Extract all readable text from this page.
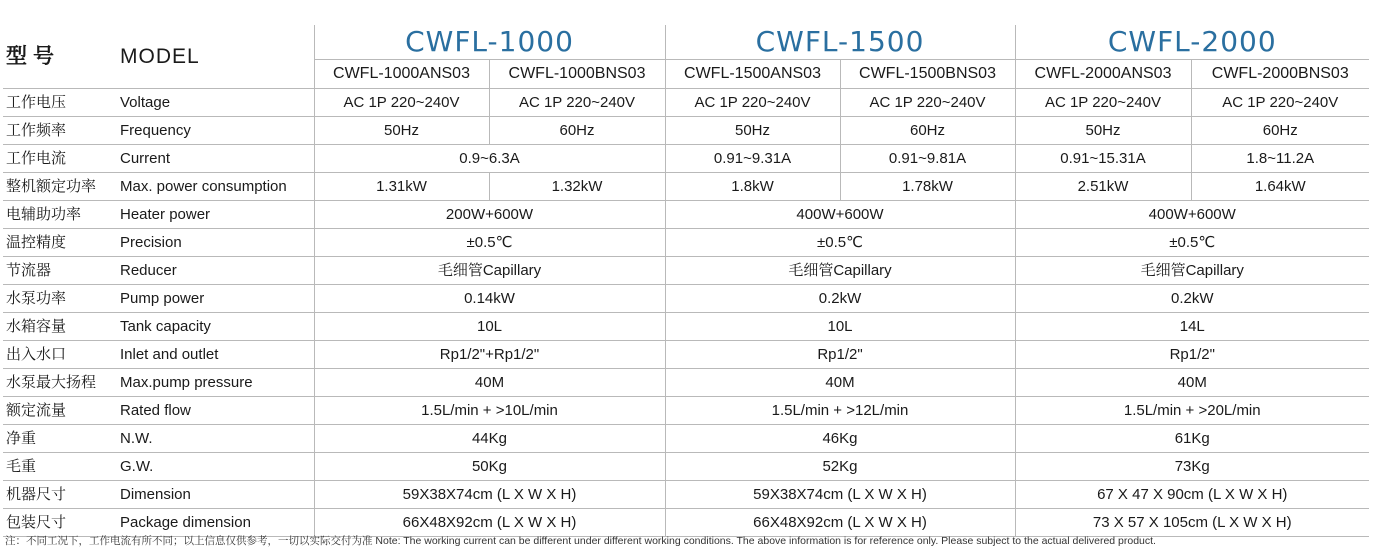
型号	MODEL	CWFL-1000		CWFL-1500		CWFL-2000	
		CWFL-1000ANS03	CWFL-1000BNS03	CWFL-1500ANS03	CWFL-1500BNS03	CWFL-2000ANS03	CWFL-2000BNS03
工作电压	Voltage	AC 1P 220~240V	AC 1P 220~240V	AC 1P 220~240V	AC 1P 220~240V	AC 1P 220~240V	AC 1P 220~240V
工作频率	Frequency	50Hz	60Hz	50Hz	60Hz	50Hz	60Hz
工作电流	Current	0.9~6.3A		0.91~9.31A	0.91~9.81A	0.91~15.31A	1.8~11.2A
整机额定功率	Max. power consumption	1.31kW	1.32kW	1.8kW	1.78kW	2.51kW	1.64kW
电辅助功率	Heater power	200W+600W		400W+600W		400W+600W	
温控精度	Precision	±0.5℃		±0.5℃		±0.5℃	
节流器	Reducer	毛细管Capillary		毛细管Capillary		毛细管Capillary	
水泵功率	Pump power	0.14kW		0.2kW		0.2kW	
水箱容量	Tank capacity	10L		10L		14L	
出入水口	Inlet and outlet	Rp1/2"+Rp1/2"		Rp1/2"		Rp1/2"	
水泵最大扬程	Max.pump pressure	40M		40M		40M	
额定流量	Rated flow	1.5L/min + >10L/min		1.5L/min + >12L/min		1.5L/min + >20L/min	
净重	N.W.	44Kg		46Kg		61Kg	
毛重	G.W.	50Kg		52Kg		73Kg	
机器尺寸	Dimension	59X38X74cm (L X W X H)		59X38X74cm (L X W X H)		67 X 47 X 90cm (L X W X H)	
包装尺寸	Package dimension	66X48X92cm (L X W X H)		66X48X92cm (L X W X H)		73 X 57 X 105cm (L X W X H)	
注：不同工况下，工作电流有所不同；以上信息仅供参考，一切以实际交付为准 Note: The working current can be different under different working conditions. The above information is for reference only. Please subject to the actual delivered product.
